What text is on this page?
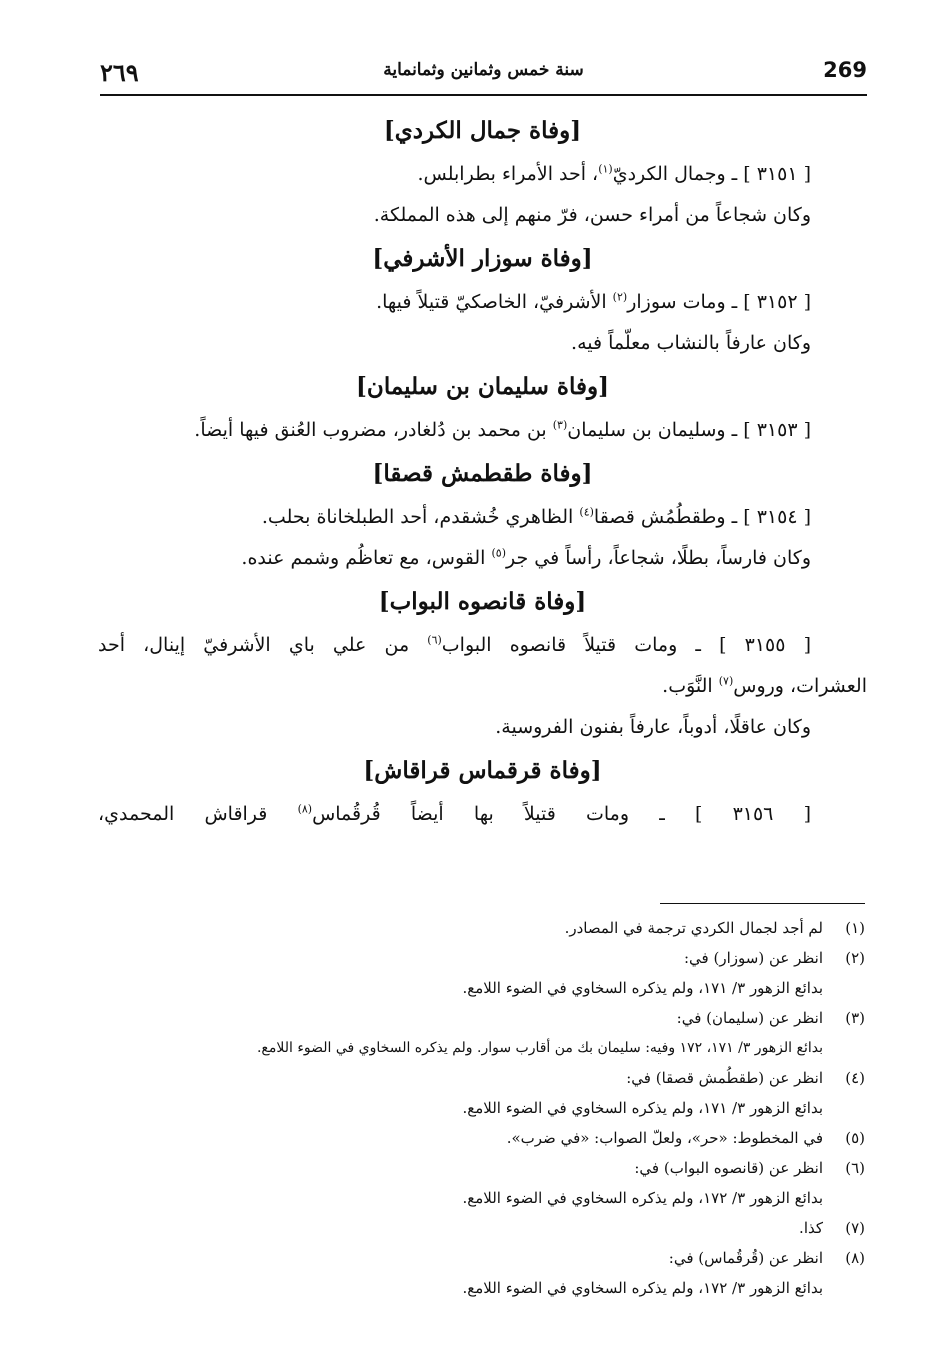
٢٦٩	سنة خمس وثمانين وثمانماية	269
[وفاة جمال الكردي]
[ ٣١٥١ ] ـ وجمال الكرديّ$^{(١)}$، أحد الأمراء بطرابلس.
وكان شجاعاً من أمراء حسن، فرّ منهم إلى هذه المملكة.
[وفاة سوزار الأشرفي]
[ ٣١٥٢ ] ـ ومات سوزار$^{(٢)}$ الأشرفيّ، الخاصكيّ قتيلاً فيها.
وكان عارفاً بالنشاب معلّماً فيه.
[وفاة سليمان بن سليمان]
[ ٣١٥٣ ] ـ وسليمان بن سليمان$^{(٣)}$ بن محمد بن دُلغادر، مضروب العُنق فيها أيضاً.
[وفاة طقطمش قصقا]
[ ٣١٥٤ ] ـ وطقطُمُش قصقا$^{(٤)}$ الظاهري خُشقدم، أحد الطبلخاناة بحلب.
وكان فارساً، بطلًا، شجاعاً، رأساً في جر$^{(٥)}$ القوس، مع تعاظُم وشمم عنده.
[وفاة قانصوه البواب]
[ ٣١٥٥ ] ـ ومات قتيلاً قانصوه البواب$^{(٦)}$ من علي باي الأشرفيّ إينال، أحد
العشرات، وروس$^{(٧)}$ النَّوَب.
وكان عاقلًا، أدوباً، عارفاً بفنون الفروسية.
[وفاة قرقماس قراقاش]
[ ٣١٥٦ ] ـ ومات قتيلاً بها أيضاً قُرقُماس$^{(٨)}$ قراقاش المحمدي،
(١)لم أجد لجمال الكردي ترجمة في المصادر.
(٢)انظر عن (سوزار) في:
بدائع الزهور ٣/ ١٧١، ولم يذكره السخاوي في الضوء اللامع.
(٣)انظر عن (سليمان) في:
بدائع الزهور ٣/ ١٧١، ١٧٢ وفيه: سليمان بك من أقارب سوار. ولم يذكره السخاوي في الضوء اللامع.
(٤)انظر عن (طقطُمش قصقا) في:
بدائع الزهور ٣/ ١٧١، ولم يذكره السخاوي في الضوء اللامع.
(٥)في المخطوط: «حر»، ولعلّ الصواب: «في ضرب».
(٦)انظر عن (قانصوه البواب) في:
بدائع الزهور ٣/ ١٧٢، ولم يذكره السخاوي في الضوء اللامع.
(٧)كذا.
(٨)انظر عن (قُرقُماس) في:
بدائع الزهور ٣/ ١٧٢، ولم يذكره السخاوي في الضوء اللامع.
